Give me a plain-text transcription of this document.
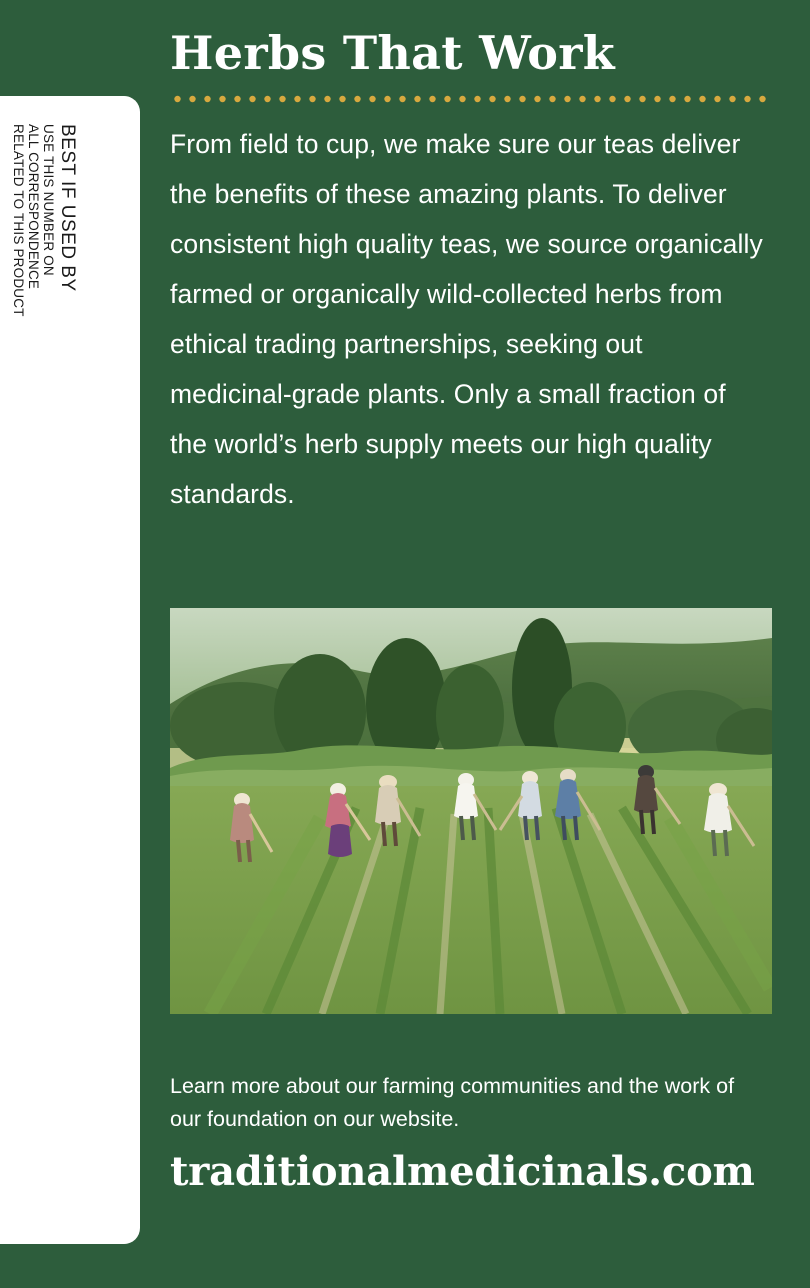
BEST IF USED BY
USE THIS NUMBER ON
ALL CORRESPONDENCE
RELATED TO THIS PRODUCT
Herbs That Work

From field to cup, we make sure our teas deliver the benefits of these amazing plants. To deliver consistent high quality teas, we source organically farmed or organically wild-collected herbs from ethical trading partnerships, seeking out medicinal-grade plants. Only a small fraction of the world’s herb supply meets our high quality standards.

Learn more about our farming communities and the work of our foundation on our website.

traditionalmedicinals.com
